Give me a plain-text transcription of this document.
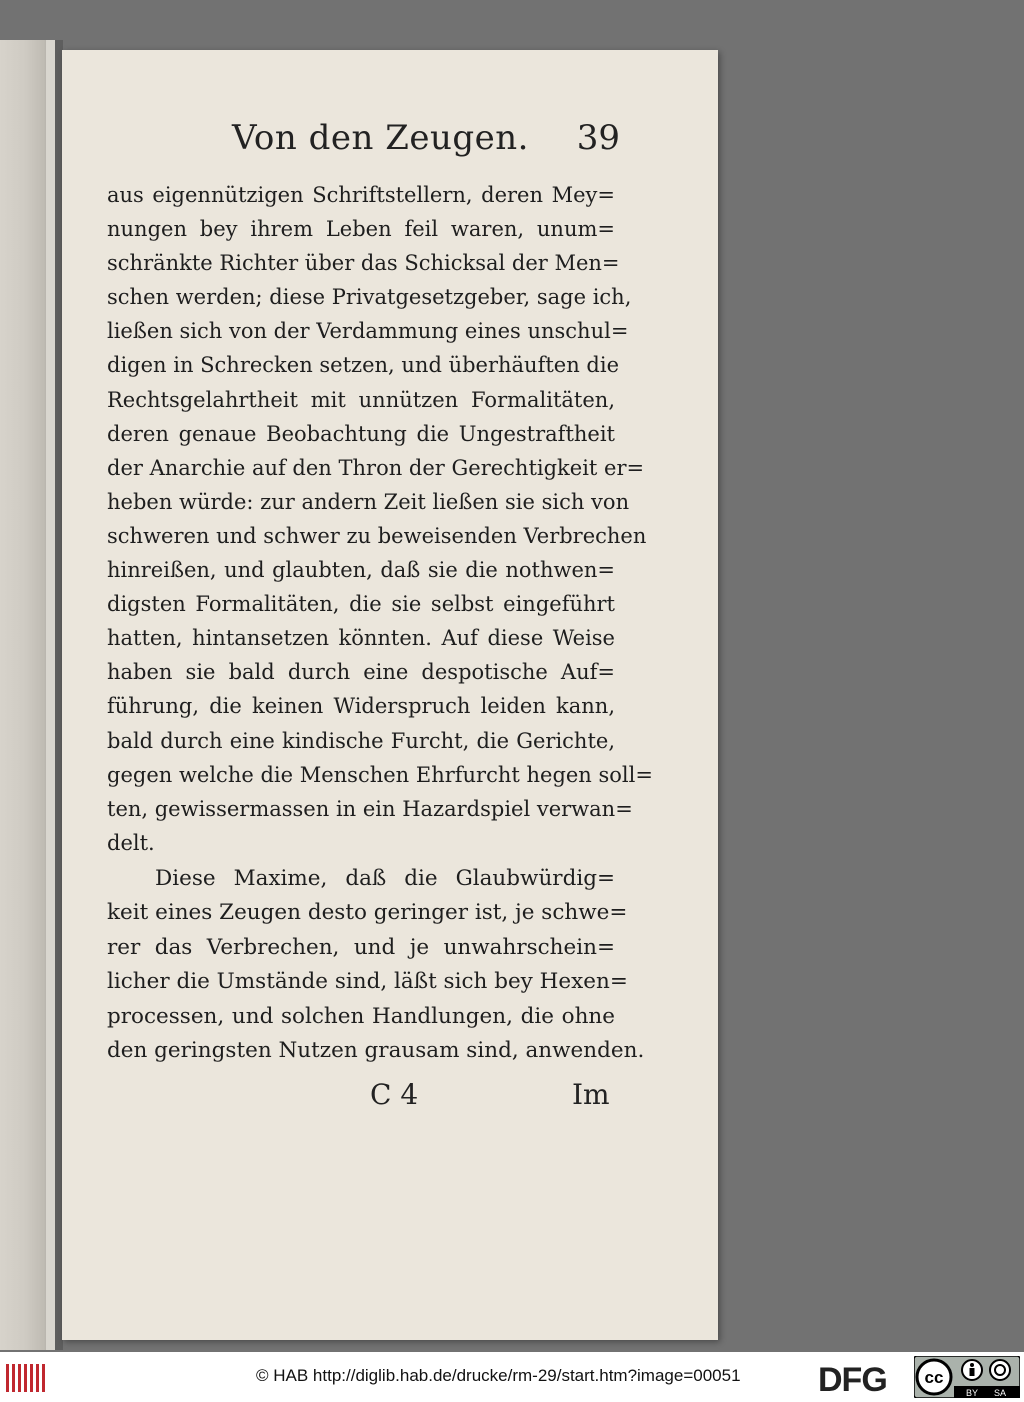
Von den Zeugen. 39
aus eigennützigen Schriftstellern, deren Mey=
nungen bey ihrem Leben feil waren, unum=
schränkte Richter über das Schicksal der Men=
schen werden; diese Privatgesetzgeber, sage ich,
ließen sich von der Verdammung eines unschul=
digen in Schrecken setzen, und überhäuften die
Rechtsgelahrtheit mit unnützen Formalitäten,
deren genaue Beobachtung die Ungestraftheit
der Anarchie auf den Thron der Gerechtigkeit er=
heben würde: zur andern Zeit ließen sie sich von
schweren und schwer zu beweisenden Verbrechen
hinreißen, und glaubten, daß sie die nothwen=
digsten Formalitäten, die sie selbst eingeführt
hatten, hintansetzen könnten. Auf diese Weise
haben sie bald durch eine despotische Auf=
führung, die keinen Widerspruch leiden kann,
bald durch eine kindische Furcht, die Gerichte,
gegen welche die Menschen Ehrfurcht hegen soll=
ten, gewissermassen in ein Hazardspiel verwan=
delt.
Diese Maxime, daß die Glaubwürdig=
keit eines Zeugen desto geringer ist, je schwe=
rer das Verbrechen, und je unwahrschein=
licher die Umstände sind, läßt sich bey Hexen=
processen, und solchen Handlungen, die ohne
den geringsten Nutzen grausam sind, anwenden.
C 4	Im
© HAB http://diglib.hab.de/drucke/rm-29/start.htm?image=00051 DFG cc
BY SA
